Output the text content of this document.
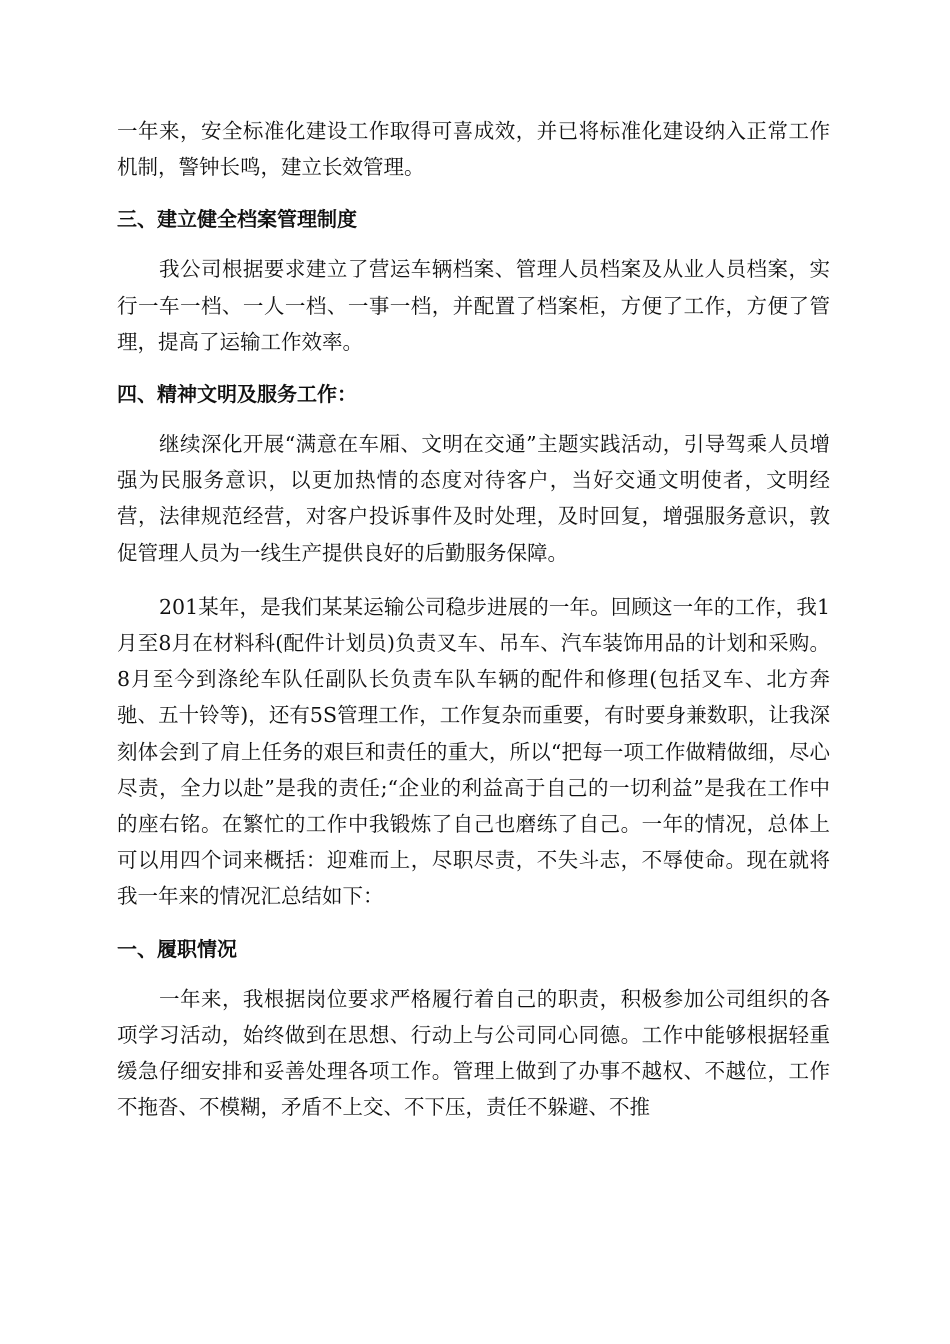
一年来，安全标准化建设工作取得可喜成效，并已将标准化建设纳入正常工作机制，警钟长鸣，建立长效管理。

三、建立健全档案管理制度

我公司根据要求建立了营运车辆档案、管理人员档案及从业人员档案，实行一车一档、一人一档、一事一档，并配置了档案柜，方便了工作，方便了管理，提高了运输工作效率。

四、精神文明及服务工作：

继续深化开展“满意在车厢、文明在交通”主题实践活动，引导驾乘人员增强为民服务意识，以更加热情的态度对待客户，当好交通文明使者，文明经营，法律规范经营，对客户投诉事件及时处理，及时回复，增强服务意识，敦促管理人员为一线生产提供良好的后勤服务保障。

201某年，是我们某某运输公司稳步进展的一年。回顾这一年的工作，我1月至8月在材料科(配件计划员)负责叉车、吊车、汽车装饰用品的计划和采购。8月至今到涤纶车队任副队长负责车队车辆的配件和修理(包括叉车、北方奔驰、五十铃等)，还有5S管理工作，工作复杂而重要，有时要身兼数职，让我深刻体会到了肩上任务的艰巨和责任的重大，所以“把每一项工作做精做细，尽心尽责，全力以赴”是我的责任;“企业的利益高于自己的一切利益”是我在工作中的座右铭。在繁忙的工作中我锻炼了自己也磨练了自己。一年的情况，总体上可以用四个词来概括：迎难而上，尽职尽责，不失斗志，不辱使命。现在就将我一年来的情况汇总结如下：

一、履职情况

一年来，我根据岗位要求严格履行着自己的职责，积极参加公司组织的各项学习活动，始终做到在思想、行动上与公司同心同德。工作中能够根据轻重缓急仔细安排和妥善处理各项工作。管理上做到了办事不越权、不越位，工作不拖沓、不模糊，矛盾不上交、不下压，责任不躲避、不推
